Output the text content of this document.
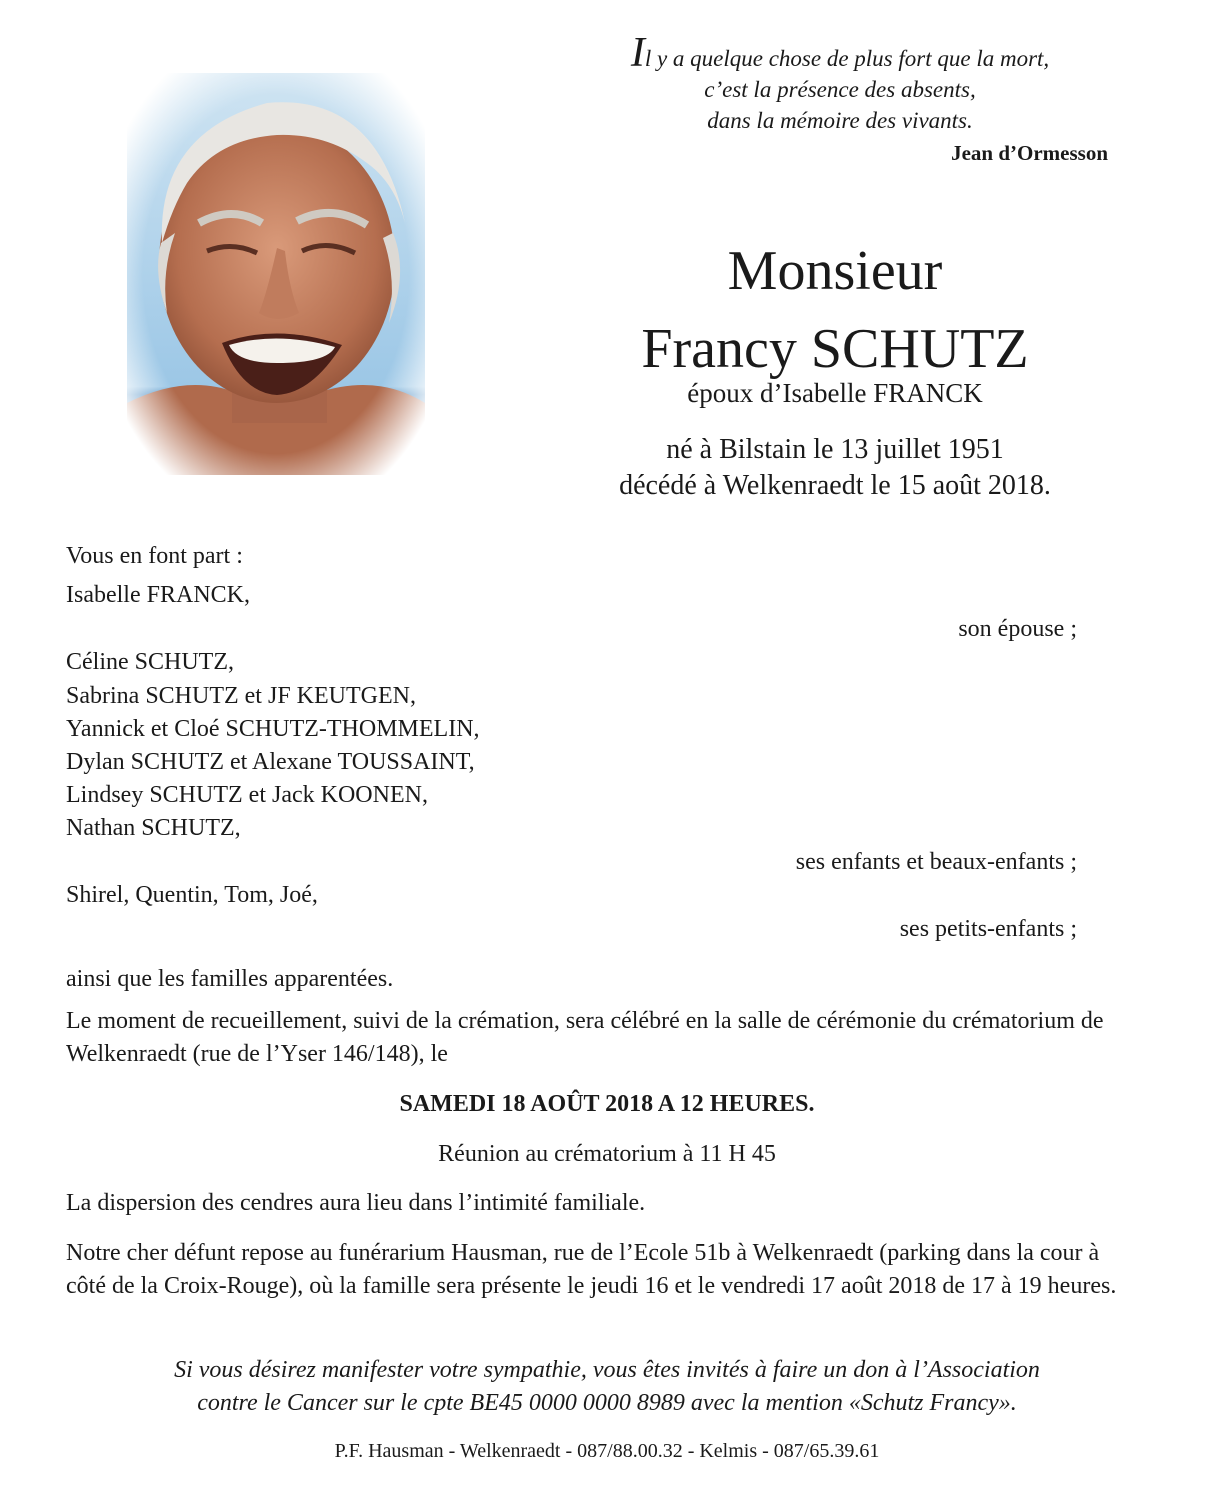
Il y a quelque chose de plus fort que la mort,
c’est la présence des absents,
dans la mémoire des vivants.
Jean d’Ormesson
Monsieur
Francy SCHUTZ
époux d’Isabelle FRANCK
né à Bilstain le 13 juillet 1951
décédé à Welkenraedt le 15 août 2018.
Vous en font part :
Isabelle FRANCK,
son épouse ;
Céline SCHUTZ,
Sabrina SCHUTZ et JF KEUTGEN,
Yannick et Cloé SCHUTZ-THOMMELIN,
Dylan SCHUTZ et Alexane TOUSSAINT,
Lindsey SCHUTZ et Jack KOONEN,
Nathan SCHUTZ,
ses enfants et beaux-enfants ;
Shirel, Quentin, Tom, Joé,
ses petits-enfants ;
ainsi que les familles apparentées.
Le moment de recueillement, suivi de la crémation, sera célébré en la salle de cérémonie du crématorium de Welkenraedt (rue de l’Yser 146/148), le
SAMEDI 18 AOÛT 2018 A 12 HEURES.
Réunion au crématorium à 11 H 45
La dispersion des cendres aura lieu dans l’intimité familiale.
Notre cher défunt repose au funérarium Hausman, rue de l’Ecole 51b à Welkenraedt (parking dans la cour à côté de la Croix-Rouge), où la famille sera présente le jeudi 16 et le vendredi 17 août 2018 de 17 à 19 heures.
Si vous désirez manifester votre sympathie, vous êtes invités à faire un don à l’Association
contre le Cancer sur le cpte BE45 0000 0000 8989 avec la mention «Schutz Francy».
P.F. Hausman - Welkenraedt - 087/88.00.32 - Kelmis - 087/65.39.61
